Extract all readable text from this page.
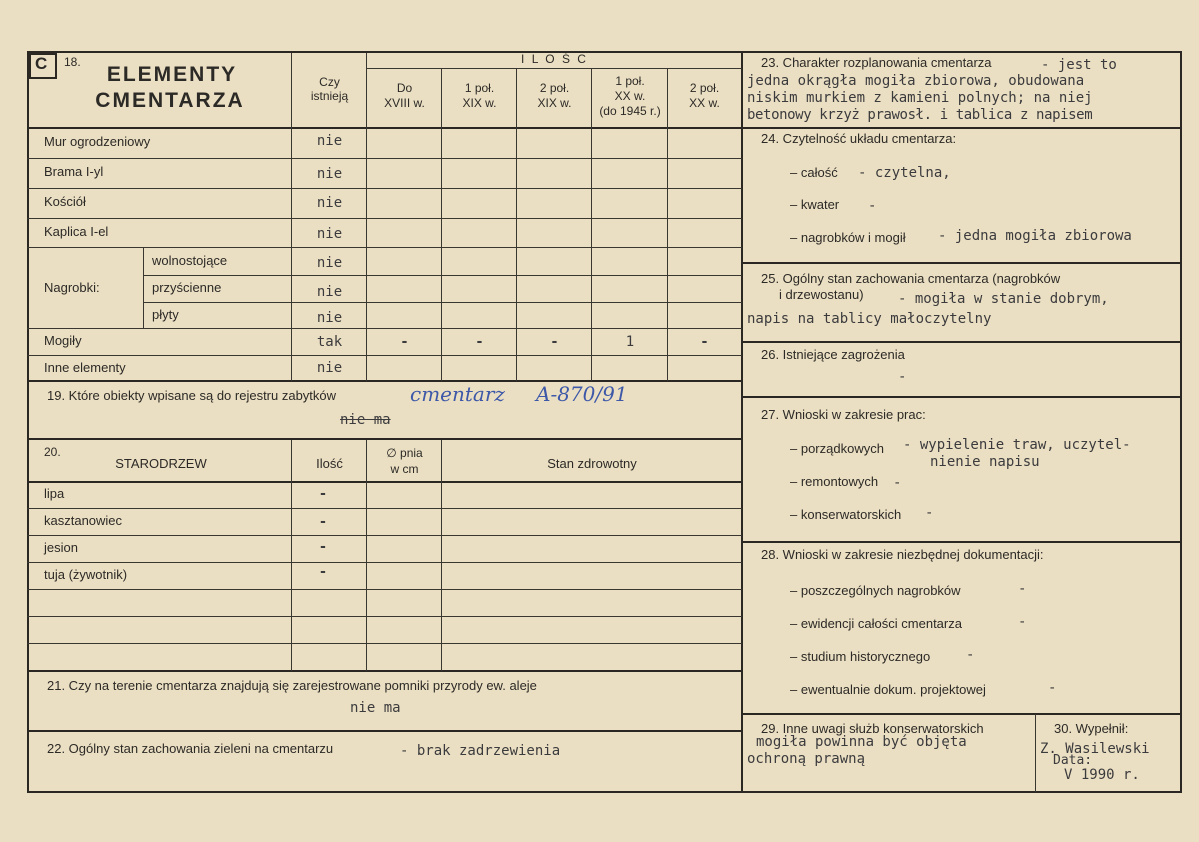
C 18.
ELEMENTY
CMENTARZA
Czy
istnieją
I L O Ś C
Do
XVIII w.
1 poł.
XIX w.
2 poł.
XIX w.
1 poł.
XX w.
(do 1945 r.)
2 poł.
XX w.
Mur ogrodzeniowy	nie
Brama I-yl	nie
Kościół	nie
Kaplica I-el	nie
Nagrobki:
wolnostojące	nie
przyścienne	nie
płyty	nie
Mogiły	tak	-	-	-	1	-
Inne elementy	nie
19. Które obiekty wpisane są do rejestru zabytków	cmentarz A-870/91
nie ma
20.
STARODRZEW	Ilość
∅ pnia
w cm	Stan zdrowotny
lipa	-
kasztanowiec	-
jesion	-
tuja (żywotnik)	-
21. Czy na terenie cmentarza znajdują się zarejestrowane pomniki przyrody ew. aleje
nie ma
22. Ogólny stan zachowania zieleni na cmentarzu	- brak zadrzewienia
23. Charakter rozplanowania cmentarza	- jest to
jedna okrągła mogiła zbiorowa, obudowana
niskim murkiem z kamieni polnych; na niej
betonowy krzyż prawosł. i tablica z napisem
24. Czytelność układu cmentarza:
– całość - czytelna,
– kwater -
– nagrobków i mogił - jedna mogiła zbiorowa
25. Ogólny stan zachowania cmentarza (nagrobków
i drzewostanu) - mogiła w stanie dobrym,
napis na tablicy małoczytelny
26. Istniejące zagrożenia
-
27. Wnioski w zakresie prac:
– porządkowych - wypielenie traw, uczytel-
nienie napisu
– remontowych -
– konserwatorskich -
28. Wnioski w zakresie niezbędnej dokumentacji:
– poszczególnych nagrobków	-
– ewidencji całości cmentarza	-
– studium historycznego	-
– ewentualnie dokum. projektowej	-
29. Inne uwagi służb konserwatorskich
mogiła powinna być objęta
ochroną prawną
30. Wypełnił:
Z. Wasilewski
Data:
V 1990 r.
